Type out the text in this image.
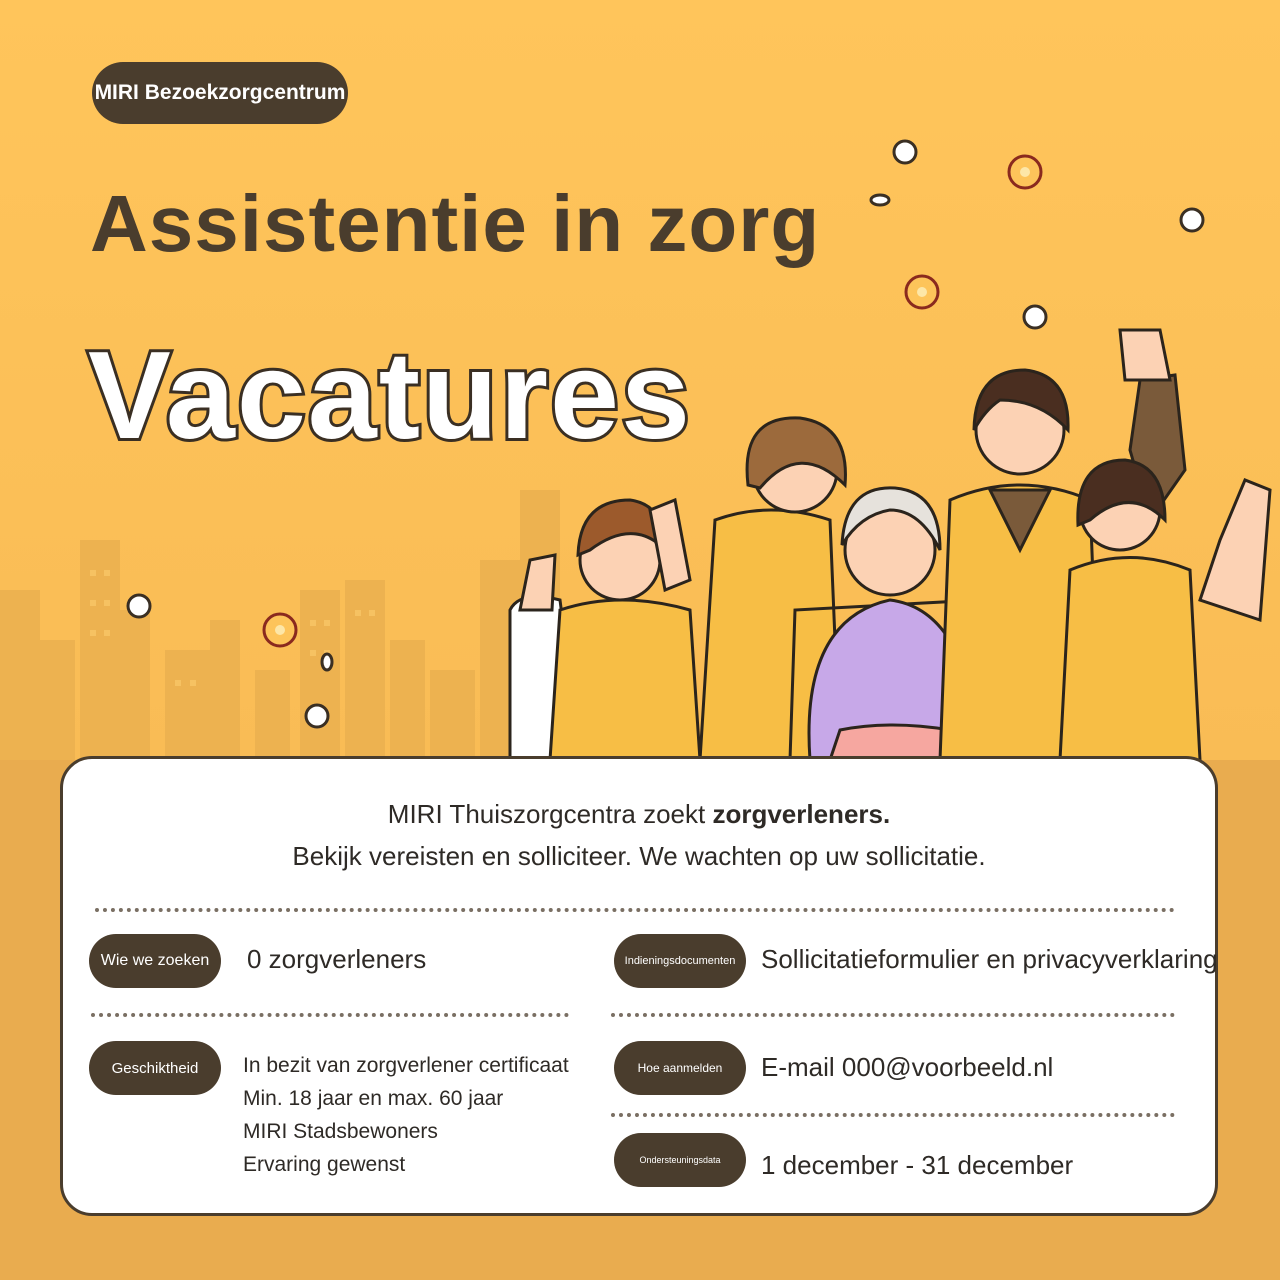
MIRI Bezoekzorgcentrum
Assistentie in zorg
Vacatures
MIRI Thuiszorgcentra zoekt zorgverleners.
Bekijk vereisten en solliciteer. We wachten op uw sollicitatie.
Wie we zoeken	0 zorgverleners	Indieningsdocumenten Sollicitatieformulier en privacyverklaring
Geschiktheid	In bezit van zorgverlener certificaat
Min. 18 jaar en max. 60 jaar
MIRI Stadsbewoners
Ervaring gewenst
Hoe aanmelden	E-mail 000@voorbeeld.nl
Ondersteuningsdata	1 december - 31 december
